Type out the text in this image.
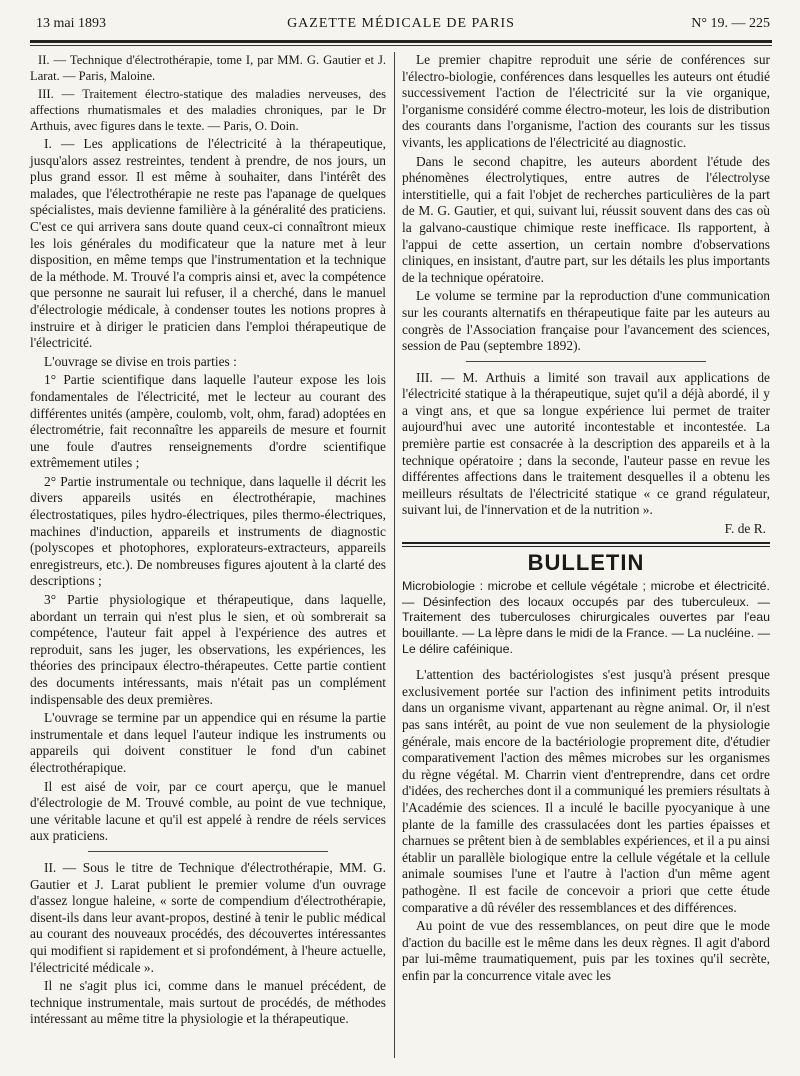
13 mai 1893	GAZETTE MÉDICALE DE PARIS	N° 19. — 225

II. — Technique d'électrothérapie, tome I, par MM. G. Gautier et J. Larat. — Paris, Maloine.

III. — Traitement électro-statique des maladies nerveuses, des affections rhumatismales et des maladies chroniques, par le Dr Arthuis, avec figures dans le texte. — Paris, O. Doin.

I. — Les applications de l'électricité à la thérapeutique, jusqu'alors assez restreintes, tendent à prendre, de nos jours, un plus grand essor. Il est même à souhaiter, dans l'intérêt des malades, que l'électrothérapie ne reste pas l'apanage de quelques spécialistes, mais devienne familière à la généralité des praticiens. C'est ce qui arrivera sans doute quand ceux-ci connaîtront mieux les lois générales du modificateur que la nature met à leur disposition, en même temps que l'instrumentation et la technique de la méthode. M. Trouvé l'a compris ainsi et, avec la compétence que personne ne saurait lui refuser, il a cherché, dans le manuel d'électrologie médicale, à condenser toutes les notions propres à instruire et à diriger le praticien dans l'emploi thérapeutique de l'électricité.

L'ouvrage se divise en trois parties :

1° Partie scientifique dans laquelle l'auteur expose les lois fondamentales de l'électricité, met le lecteur au courant des différentes unités (ampère, coulomb, volt, ohm, farad) adoptées en électrométrie, fait reconnaître les appareils de mesure et fournit une foule d'autres renseignements d'ordre scientifique extrêmement utiles ;

2° Partie instrumentale ou technique, dans laquelle il décrit les divers appareils usités en électrothérapie, machines électrostatiques, piles hydro-électriques, piles thermo-électriques, machines d'induction, appareils et instruments de diagnostic (polyscopes et photophores, explorateurs-extracteurs, appareils enregistreurs, etc.). De nombreuses figures ajoutent à la clarté des descriptions ;

3° Partie physiologique et thérapeutique, dans laquelle, abordant un terrain qui n'est plus le sien, et où sombrerait sa compétence, l'auteur fait appel à l'expérience des autres et reproduit, sans les juger, les observations, les expériences, les théories des principaux électro-thérapeutes. Cette partie contient des documents intéressants, mais n'était pas un complément indispensable des deux premières.

L'ouvrage se termine par un appendice qui en résume la partie instrumentale et dans lequel l'auteur indique les instruments ou appareils qui doivent constituer le fond d'un cabinet électrothérapique.

Il est aisé de voir, par ce court aperçu, que le manuel d'électrologie de M. Trouvé comble, au point de vue technique, une véritable lacune et qu'il est appelé à rendre de réels services aux praticiens.

II. — Sous le titre de Technique d'électrothérapie, MM. G. Gautier et J. Larat publient le premier volume d'un ouvrage d'assez longue haleine, « sorte de compendium d'électrothérapie, disent-ils dans leur avant-propos, destiné à tenir le public médical au courant des nouveaux procédés, des découvertes intéressantes qui modifient si rapidement et si profondément, à l'heure actuelle, l'électricité médicale ».

Il ne s'agit plus ici, comme dans le manuel précédent, de technique instrumentale, mais surtout de procédés, de méthodes intéressant au même titre la physiologie et la thérapeutique.

Le premier chapitre reproduit une série de conférences sur l'électro-biologie, conférences dans lesquelles les auteurs ont étudié successivement l'action de l'électricité sur la vie organique, l'organisme considéré comme électro-moteur, les lois de distribution des courants dans l'organisme, l'action des courants sur les tissus vivants, les applications de l'électricité au diagnostic.

Dans le second chapitre, les auteurs abordent l'étude des phénomènes électrolytiques, entre autres de l'électrolyse interstitielle, qui a fait l'objet de recherches particulières de la part de M. G. Gautier, et qui, suivant lui, réussit souvent dans des cas où la galvano-caustique chimique reste inefficace. Ils rapportent, à l'appui de cette assertion, un certain nombre d'observations cliniques, en insistant, d'autre part, sur les détails les plus importants de la technique opératoire.

Le volume se termine par la reproduction d'une communication sur les courants alternatifs en thérapeutique faite par les auteurs au congrès de l'Association française pour l'avancement des sciences, session de Pau (septembre 1892).

III. — M. Arthuis a limité son travail aux applications de l'électricité statique à la thérapeutique, sujet qu'il a déjà abordé, il y a vingt ans, et que sa longue expérience lui permet de traiter aujourd'hui avec une autorité incontestable et incontestée. La première partie est consacrée à la description des appareils et à la technique opératoire ; dans la seconde, l'auteur passe en revue les différentes affections dans le traitement desquelles il a obtenu les meilleurs résultats de l'électricité statique « ce grand régulateur, suivant lui, de l'innervation et de la nutrition ».

F. de R.

BULLETIN

Microbiologie : microbe et cellule végétale ; microbe et électricité. — Désinfection des locaux occupés par des tuberculeux. — Traitement des tuberculoses chirurgicales ouvertes par l'eau bouillante. — La lèpre dans le midi de la France. — La nucléine. — Le délire caféinique.

L'attention des bactériologistes s'est jusqu'à présent presque exclusivement portée sur l'action des infiniment petits introduits dans un organisme vivant, appartenant au règne animal. Or, il n'est pas sans intérêt, au point de vue non seulement de la physiologie générale, mais encore de la bactériologie proprement dite, d'étudier comparativement l'action des mêmes microbes sur les organismes du règne végétal. M. Charrin vient d'entreprendre, dans cet ordre d'idées, des recherches dont il a communiqué les premiers résultats à l'Académie des sciences. Il a inculé le bacille pyocyanique à une plante de la famille des crassulacées dont les parties épaisses et charnues se prêtent bien à de semblables expériences, et il a pu ainsi établir un parallèle biologique entre la cellule végétale et la cellule animale soumises l'une et l'autre à l'action d'un même agent pathogène. Il est facile de concevoir a priori que cette étude comparative a dû révéler des ressemblances et des différences.

Au point de vue des ressemblances, on peut dire que le mode d'action du bacille est le même dans les deux règnes. Il agit d'abord par lui-même traumatiquement, puis par les toxines qu'il secrète, enfin par la concurrence vitale avec les
